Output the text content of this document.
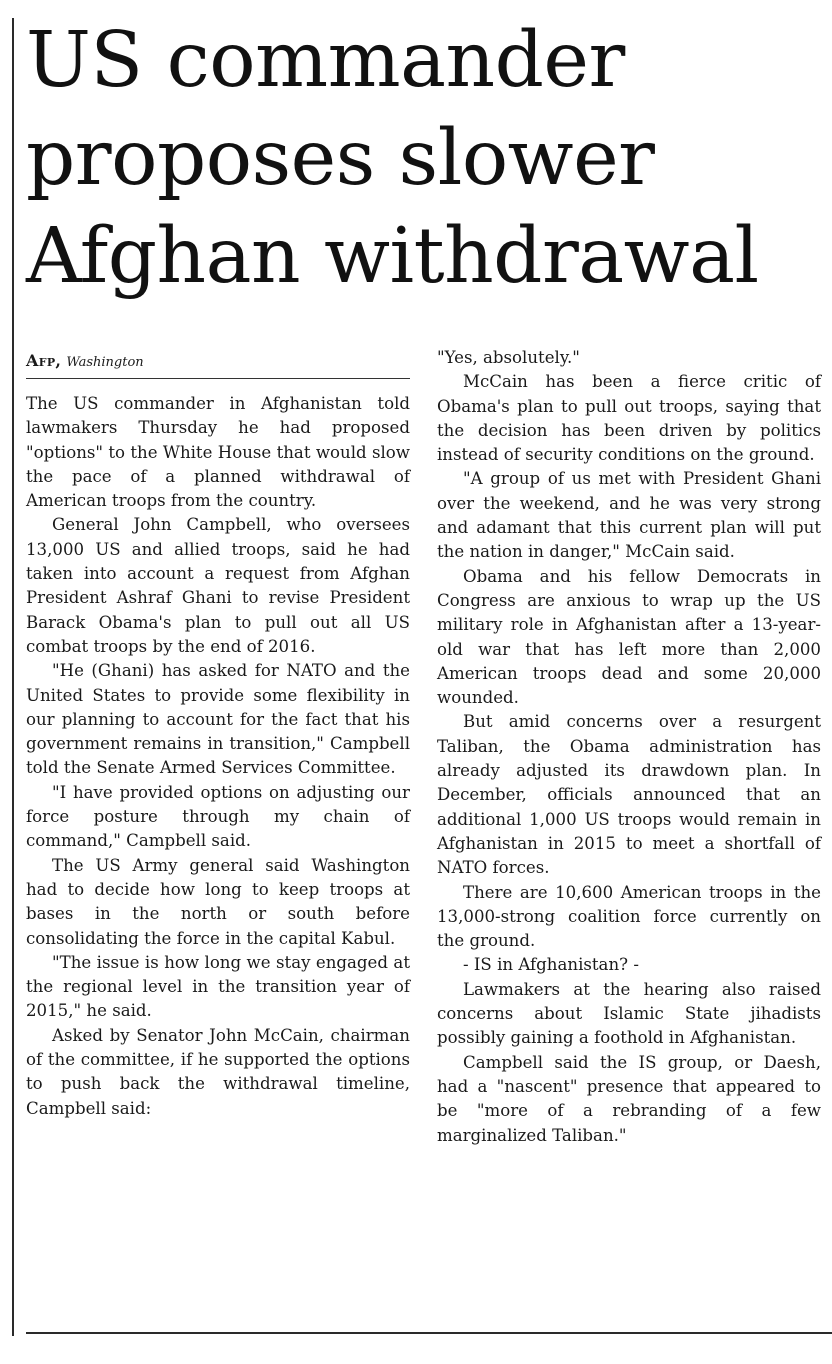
US commander proposes slower Afghan withdrawal
Afp, Washington

The US commander in Afghanistan told lawmakers Thursday he had proposed "options" to the White House that would slow the pace of a planned withdrawal of American troops from the country.

General John Campbell, who oversees 13,000 US and allied troops, said he had taken into account a request from Afghan President Ashraf Ghani to revise President Barack Obama's plan to pull out all US combat troops by the end of 2016.

"He (Ghani) has asked for NATO and the United States to provide some flexibility in our planning to account for the fact that his government remains in transition," Campbell told the Senate Armed Services Committee.

"I have provided options on adjusting our force posture through my chain of command," Campbell said.

The US Army general said Washington had to decide how long to keep troops at bases in the north or south before consolidating the force in the capital Kabul.

"The issue is how long we stay engaged at the regional level in the transition year of 2015," he said.

Asked by Senator John McCain, chairman of the committee, if he supported the options to push back the withdrawal timeline, Campbell said:

"Yes, absolutely."

McCain has been a fierce critic of Obama's plan to pull out troops, saying that the decision has been driven by politics instead of security conditions on the ground.

"A group of us met with President Ghani over the weekend, and he was very strong and adamant that this current plan will put the nation in danger," McCain said.

Obama and his fellow Democrats in Congress are anxious to wrap up the US military role in Afghanistan after a 13-year-old war that has left more than 2,000 American troops dead and some 20,000 wounded.

But amid concerns over a resurgent Taliban, the Obama administration has already adjusted its drawdown plan. In December, officials announced that an additional 1,000 US troops would remain in Afghanistan in 2015 to meet a shortfall of NATO forces.

There are 10,600 American troops in the 13,000-strong coalition force currently on the ground.

- IS in Afghanistan? -

Lawmakers at the hearing also raised concerns about Islamic State jihadists possibly gaining a foothold in Afghanistan.

Campbell said the IS group, or Daesh, had a "nascent" presence that appeared to be "more of a rebranding of a few marginalized Taliban."
